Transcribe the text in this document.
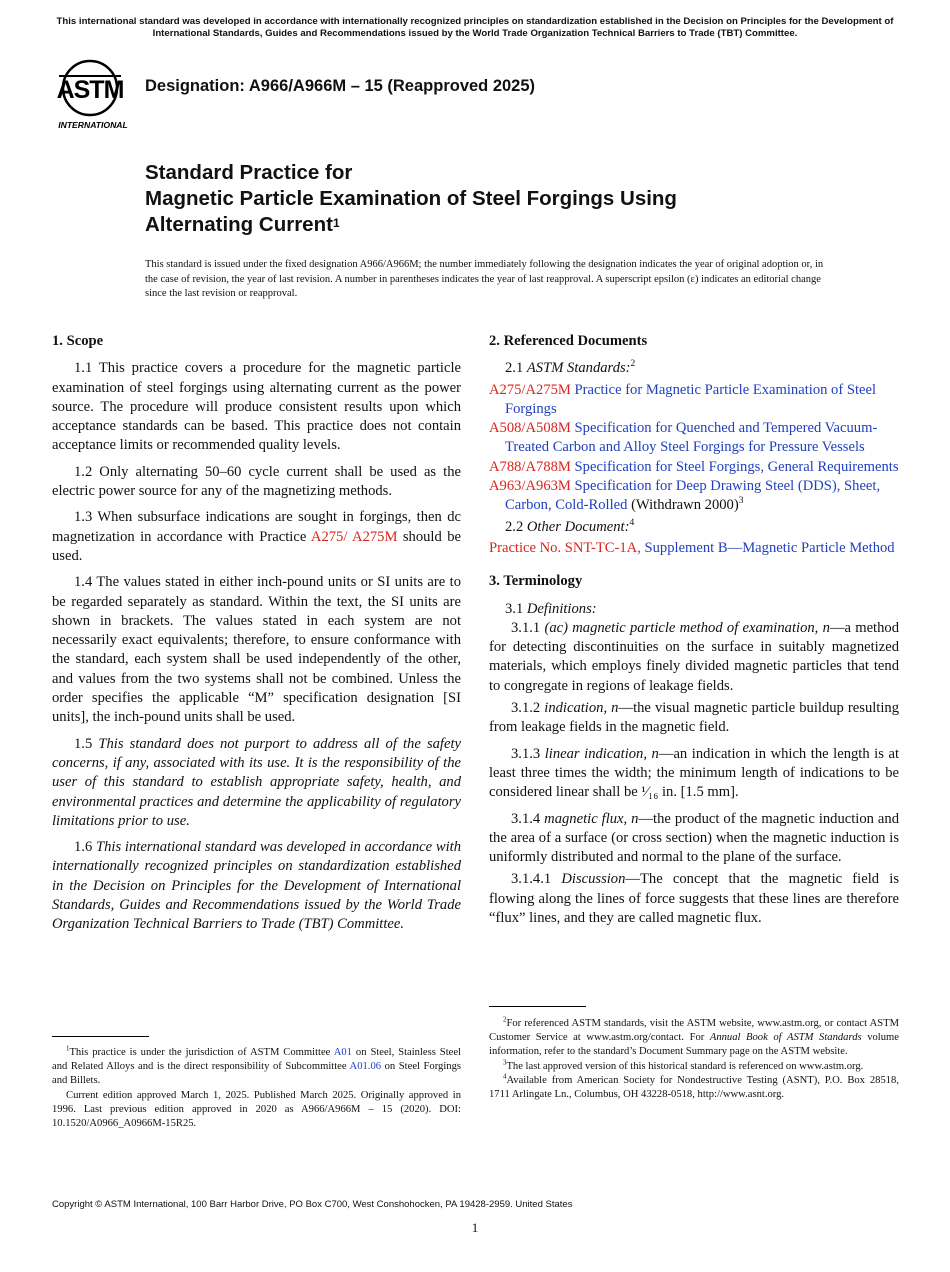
This international standard was developed in accordance with internationally recognized principles on standardization established in the Decision on Principles for the Development of International Standards, Guides and Recommendations issued by the World Trade Organization Technical Barriers to Trade (TBT) Committee.
ASTM
INTERNATIONAL
Designation: A966/A966M – 15 (Reapproved 2025)
Standard Practice for
Magnetic Particle Examination of Steel Forgings Using
Alternating Current$^1$
This standard is issued under the fixed designation A966/A966M; the number immediately following the designation indicates the year of original adoption or, in the case of revision, the year of last revision. A number in parentheses indicates the year of last reapproval. A superscript epsilon (ε) indicates an editorial change since the last revision or reapproval.
1. Scope

1.1 This practice covers a procedure for the magnetic particle examination of steel forgings using alternating current as the power source. The procedure will produce consistent results upon which acceptance standards can be based. This practice does not contain acceptance limits or recommended quality levels.

1.2 Only alternating 50–60 cycle current shall be used as the electric power source for any of the magnetizing methods.

1.3 When subsurface indications are sought in forgings, then dc magnetization in accordance with Practice A275/ A275M should be used.

1.4 The values stated in either inch-pound units or SI units are to be regarded separately as standard. Within the text, the SI units are shown in brackets. The values stated in each system are not necessarily exact equivalents; therefore, to ensure conformance with the standard, each system shall be used independently of the other, and values from the two systems shall not be combined. Unless the order specifies the applicable “M” specification designation [SI units], the inch-pound units shall be used.

1.5 This standard does not purport to address all of the safety concerns, if any, associated with its use. It is the responsibility of the user of this standard to establish appropriate safety, health, and environmental practices and determine the applicability of regulatory limitations prior to use.

1.6 This international standard was developed in accordance with internationally recognized principles on standardization established in the Decision on Principles for the Development of International Standards, Guides and Recommendations issued by the World Trade Organization Technical Barriers to Trade (TBT) Committee.

$^1$This practice is under the jurisdiction of ASTM Committee A01 on Steel, Stainless Steel and Related Alloys and is the direct responsibility of Subcommittee A01.06 on Steel Forgings and Billets.

Current edition approved March 1, 2025. Published March 2025. Originally approved in 1996. Last previous edition approved in 2020 as A966/A966M – 15 (2020). DOI: 10.1520/A0966_A0966M-15R25.

2. Referenced Documents
2.1 ASTM Standards:$^2$

A275/A275M Practice for Magnetic Particle Examination of Steel Forgings

A508/A508M Specification for Quenched and Tempered Vacuum-Treated Carbon and Alloy Steel Forgings for Pressure Vessels

A788/A788M Specification for Steel Forgings, General Requirements

A963/A963M Specification for Deep Drawing Steel (DDS), Sheet, Carbon, Cold-Rolled (Withdrawn 2000)$^3$

2.2 Other Document:$^4$

Practice No. SNT-TC-1A, Supplement B—Magnetic Particle Method

3. Terminology
3.1 Definitions:

3.1.1 (ac) magnetic particle method of examination, n—a method for detecting discontinuities on the surface in suitably magnetized materials, which employs finely divided magnetic particles that tend to congregate in regions of leakage fields.

3.1.2 indication, n—the visual magnetic particle buildup resulting from leakage fields in the magnetic field.

3.1.3 linear indication, n—an indication in which the length is at least three times the width; the minimum length of indications to be considered linear shall be ¹⁄₁₆ in. [1.5 mm].

3.1.4 magnetic flux, n—the product of the magnetic induction and the area of a surface (or cross section) when the magnetic induction is uniformly distributed and normal to the plane of the surface.

3.1.4.1 Discussion—The concept that the magnetic field is flowing along the lines of force suggests that these lines are therefore “flux” lines, and they are called magnetic flux.

$^2$For referenced ASTM standards, visit the ASTM website, www.astm.org, or contact ASTM Customer Service at www.astm.org/contact. For Annual Book of ASTM Standards volume information, refer to the standard’s Document Summary page on the ASTM website.

$^3$The last approved version of this historical standard is referenced on www.astm.org.

$^4$Available from American Society for Nondestructive Testing (ASNT), P.O. Box 28518, 1711 Arlingate Ln., Columbus, OH 43228-0518, http://www.asnt.org.

Copyright © ASTM International, 100 Barr Harbor Drive, PO Box C700, West Conshohocken, PA 19428-2959. United States
1
